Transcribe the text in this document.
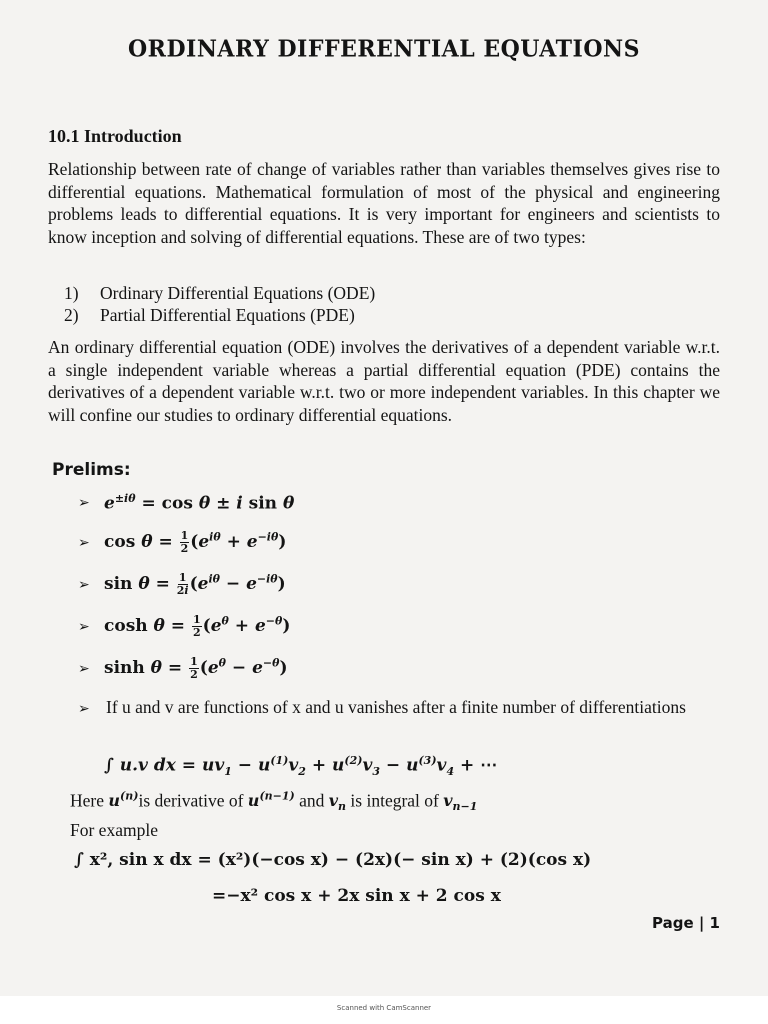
ORDINARY DIFFERENTIAL EQUATIONS
10.1 Introduction
Relationship between rate of change of variables rather than variables themselves gives rise to differential equations. Mathematical formulation of most of the physical and engineering problems leads to differential equations. It is very important for engineers and scientists to know inception and solving of differential equations. These are of two types:
1)	Ordinary Differential Equations (ODE)
2)	Partial Differential Equations (PDE)
An ordinary differential equation (ODE) involves the derivatives of a dependent variable w.r.t. a single independent variable whereas a partial differential equation (PDE) contains the derivatives of a dependent variable w.r.t. two or more independent variables. In this chapter we will confine our studies to ordinary differential equations.
Prelims:
➢ $e^{\pm i\theta} = \cos \theta \pm i$ sin θ
➢ $\cos \theta = \frac{1}{2} (e^{i\theta} + e^{-i\theta})$
➢ $\sin \theta = \frac{1}{2i} (e^{i\theta} - e^{-i\theta})$
➢ $\cosh \theta = \frac{1}{2} (e^\theta + e^{-\theta})$
➢ $\sinh \theta = \frac{1}{2} (e^\theta - e^{-\theta})$
➢ If u and v are functions of x and u vanishes after a finite number of differentiations
∫ u.v dx = $uv_1 - u^{(1)}v_2 + u^{(2)}v_3 - u^{(3)}v_4$ + ⋯
Here $u^{(n)}is$ derivative of $u^{(n-1)}$ and $v_n$ is integral of $v_{n-1}$
For example
∫ x², sin x dx = (x²)(−cos x) − (2x)(− sin x) + (2)(cos x)
=−x² cos x + 2x sin x + 2 cos x
Page | 1
Scanned with CamScanner
